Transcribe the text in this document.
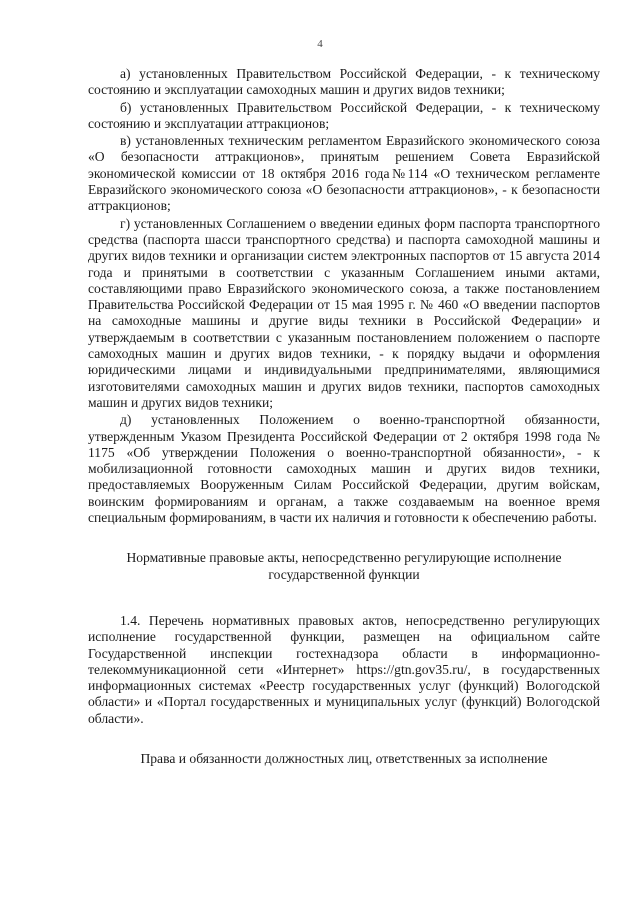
4

а) установленных Правительством Российской Федерации, - к техническому состоянию и эксплуатации самоходных машин и других видов техники;

б) установленных Правительством Российской Федерации, - к техническому состоянию и эксплуатации аттракционов;

в) установленных техническим регламентом Евразийского экономического союза «О безопасности аттракционов», принятым решением Совета Евразийской экономической комиссии от 18 октября 2016 года№114 «О техническом регламенте Евразийского экономического союза «О безопасности аттракционов», - к безопасности аттракционов;

г) установленных Соглашением о введении единых форм паспорта транспортного средства (паспорта шасси транспортного средства) и паспорта самоходной машины и других видов техники и организации систем электронных паспортов от 15 августа 2014 года и принятыми в соответствии с указанным Соглашением иными актами, составляющими право Евразийского экономического союза, а также постановлением Правительства Российской Федерации от 15 мая 1995 г. № 460 «О введении паспортов на самоходные машины и другие виды техники в Российской Федерации» и утверждаемым в соответствии с указанным постановлением положением о паспорте самоходных машин и других видов техники, - к порядку выдачи и оформления юридическими лицами и индивидуальными предпринимателями, являющимися изготовителями самоходных машин и других видов техники, паспортов самоходных машин и других видов техники;

д) установленных Положением о военно-транспортной обязанности, утвержденным Указом Президента Российской Федерации от 2 октября 1998 года № 1175 «Об утверждении Положения о военно-транспортной обязанности», - к мобилизационной готовности самоходных машин и других видов техники, предоставляемых Вооруженным Силам Российской Федерации, другим войскам, воинским формированиям и органам, а также создаваемым на военное время специальным формированиям, в части их наличия и готовности к обеспечению работы.

Нормативные правовые акты, непосредственно регулирующие исполнение государственной функции

1.4. Перечень нормативных правовых актов, непосредственно регулирующих исполнение государственной функции, размещен на официальном сайте Государственной инспекции гостехнадзора области в информационно-телекоммуникационной сети «Интернет» https://gtn.gov35.ru/, в государственных информационных системах «Реестр государственных услуг (функций) Вологодской области» и «Портал государственных и муниципальных услуг (функций) Вологодской области».

Права и обязанности должностных лиц, ответственных за исполнение
